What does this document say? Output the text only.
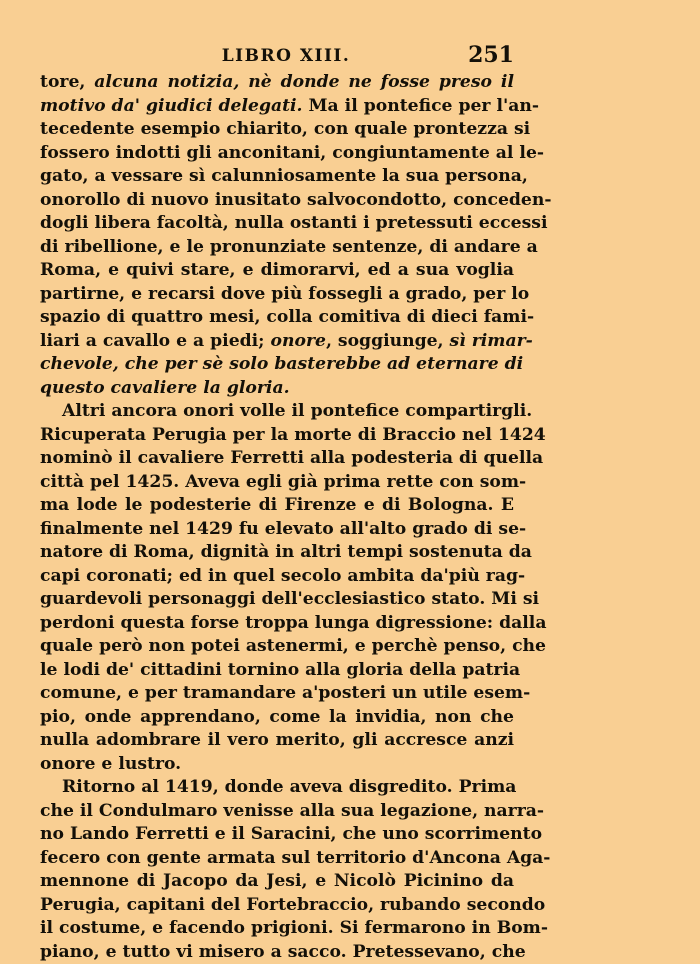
LIBRO XIII.	251
tore, alcuna notizia, nè donde ne fosse preso il
motivo da' giudici delegati. Ma il pontefice per l'an-
tecedente esempio chiarito, con quale prontezza si
fossero indotti gli anconitani, congiuntamente al le-
gato, a vessare sì calunniosamente la sua persona,
onorollo di nuovo inusitato salvocondotto, conceden-
dogli libera facoltà, nulla ostanti i pretessuti eccessi
di ribellione, e le pronunziate sentenze, di andare a
Roma, e quivi stare, e dimorarvi, ed a sua voglia
partirne, e recarsi dove più fossegli a grado, per lo
spazio di quattro mesi, colla comitiva di dieci fami-
liari a cavallo e a piedi; onore, soggiunge, sì rimar-
chevole, che per sè solo basterebbe ad eternare di
questo cavaliere la gloria.
Altri ancora onori volle il pontefice compartirgli.
Ricuperata Perugia per la morte di Braccio nel 1424
nominò il cavaliere Ferretti alla podesteria di quella
città pel 1425. Aveva egli già prima rette con som-
ma lode le podesterie di Firenze e di Bologna. E
finalmente nel 1429 fu elevato all'alto grado di se-
natore di Roma, dignità in altri tempi sostenuta da
capi coronati; ed in quel secolo ambita da'più rag-
guardevoli personaggi dell'ecclesiastico stato. Mi si
perdoni questa forse troppa lunga digressione: dalla
quale però non potei astenermi, e perchè penso, che
le lodi de' cittadini tornino alla gloria della patria
comune, e per tramandare a'posteri un utile esem-
pio, onde apprendano, come la invidia, non che
nulla adombrare il vero merito, gli accresce anzi
onore e lustro.
Ritorno al 1419, donde aveva disgredito. Prima
che il Condulmaro venisse alla sua legazione, narra-
no Lando Ferretti e il Saracini, che uno scorrimento
fecero con gente armata sul territorio d'Ancona Aga-
mennone di Jacopo da Jesi, e Nicolò Picinino da
Perugia, capitani del Fortebraccio, rubando secondo
il costume, e facendo prigioni. Si fermarono in Bom-
piano, e tutto vi misero a sacco. Pretessevano, che
